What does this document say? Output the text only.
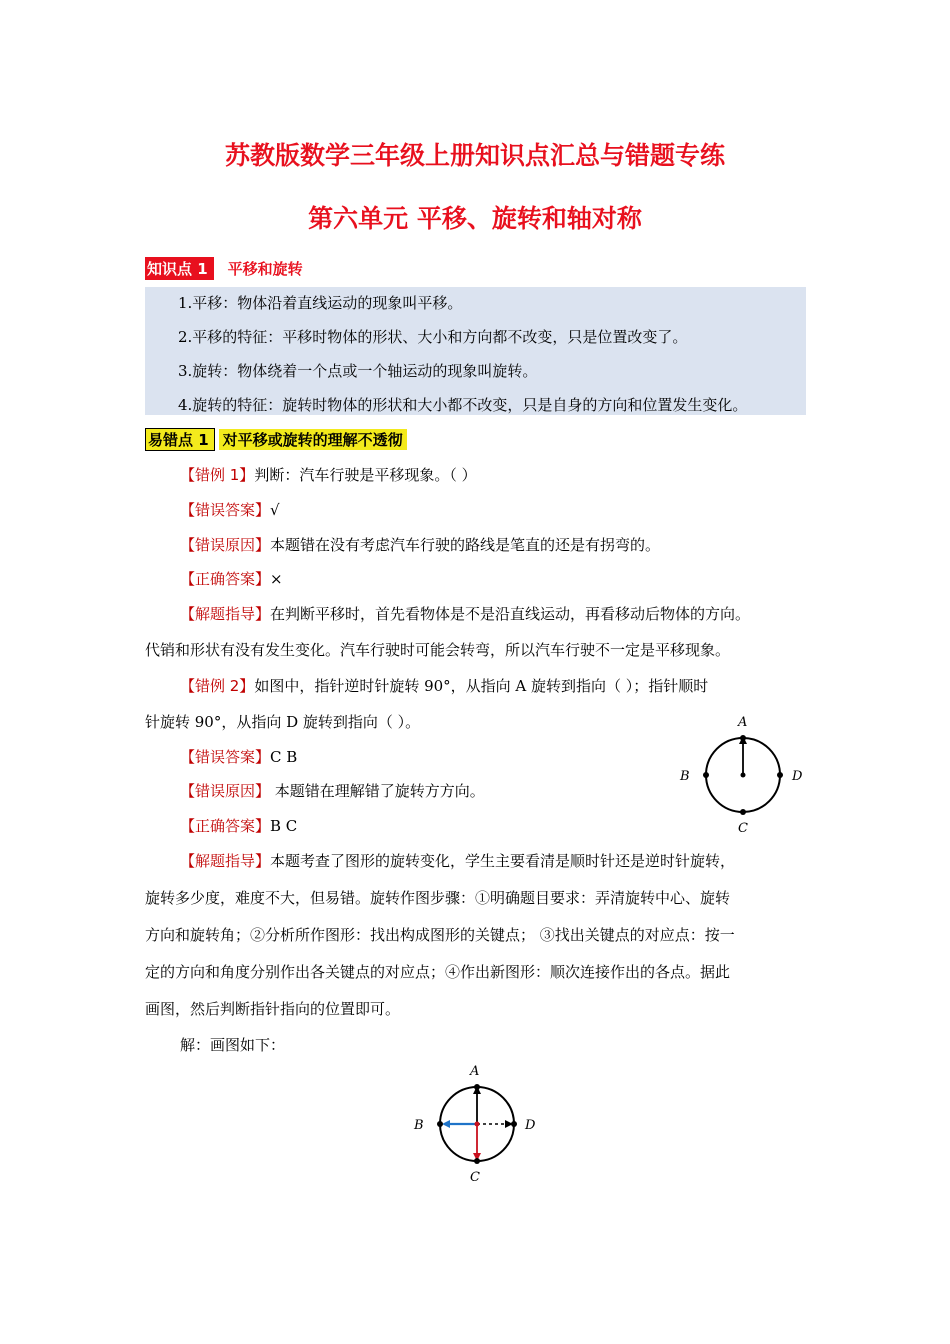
苏教版数学三年级上册知识点汇总与错题专练
第六单元 平移、旋转和轴对称
知识点 1	平移和旋转
1.平移：物体沿着直线运动的现象叫平移。
2.平移的特征：平移时物体的形状、大小和方向都不改变，只是位置改变了。
3.旋转：物体绕着一个点或一个轴运动的现象叫旋转。
4.旋转的特征：旋转时物体的形状和大小都不改变，只是自身的方向和位置发生变化。
易错点 1 对平移或旋转的理解不透彻
【错例 1】判断：汽车行驶是平移现象。（ ）
【错误答案】√
【错误原因】本题错在没有考虑汽车行驶的路线是笔直的还是有拐弯的。
【正确答案】×
【解题指导】在判断平移时，首先看物体是不是沿直线运动，再看移动后物体的方向。
代销和形状有没有发生变化。汽车行驶时可能会转弯，所以汽车行驶不一定是平移现象。
【错例 2】如图中，指针逆时针旋转 90°，从指向 A 旋转到指向（ ）；指针顺时
针旋转 90°，从指向 D 旋转到指向（ ）。
【错误答案】C B
【错误原因】 本题错在理解错了旋转方方向。
【正确答案】B C
【解题指导】本题考查了图形的旋转变化，学生主要看清是顺时针还是逆时针旋转，
旋转多少度，难度不大，但易错。旋转作图步骤：①明确题目要求：弄清旋转中心、旋转
方向和旋转角；②分析所作图形：找出构成图形的关键点； ③找出关键点的对应点：按一
定的方向和角度分别作出各关键点的对应点；④作出新图形：顺次连接作出的各点。据此
画图，然后判断指针指向的位置即可。
解：画图如下：
A
B
C
D
A
B
C
D
